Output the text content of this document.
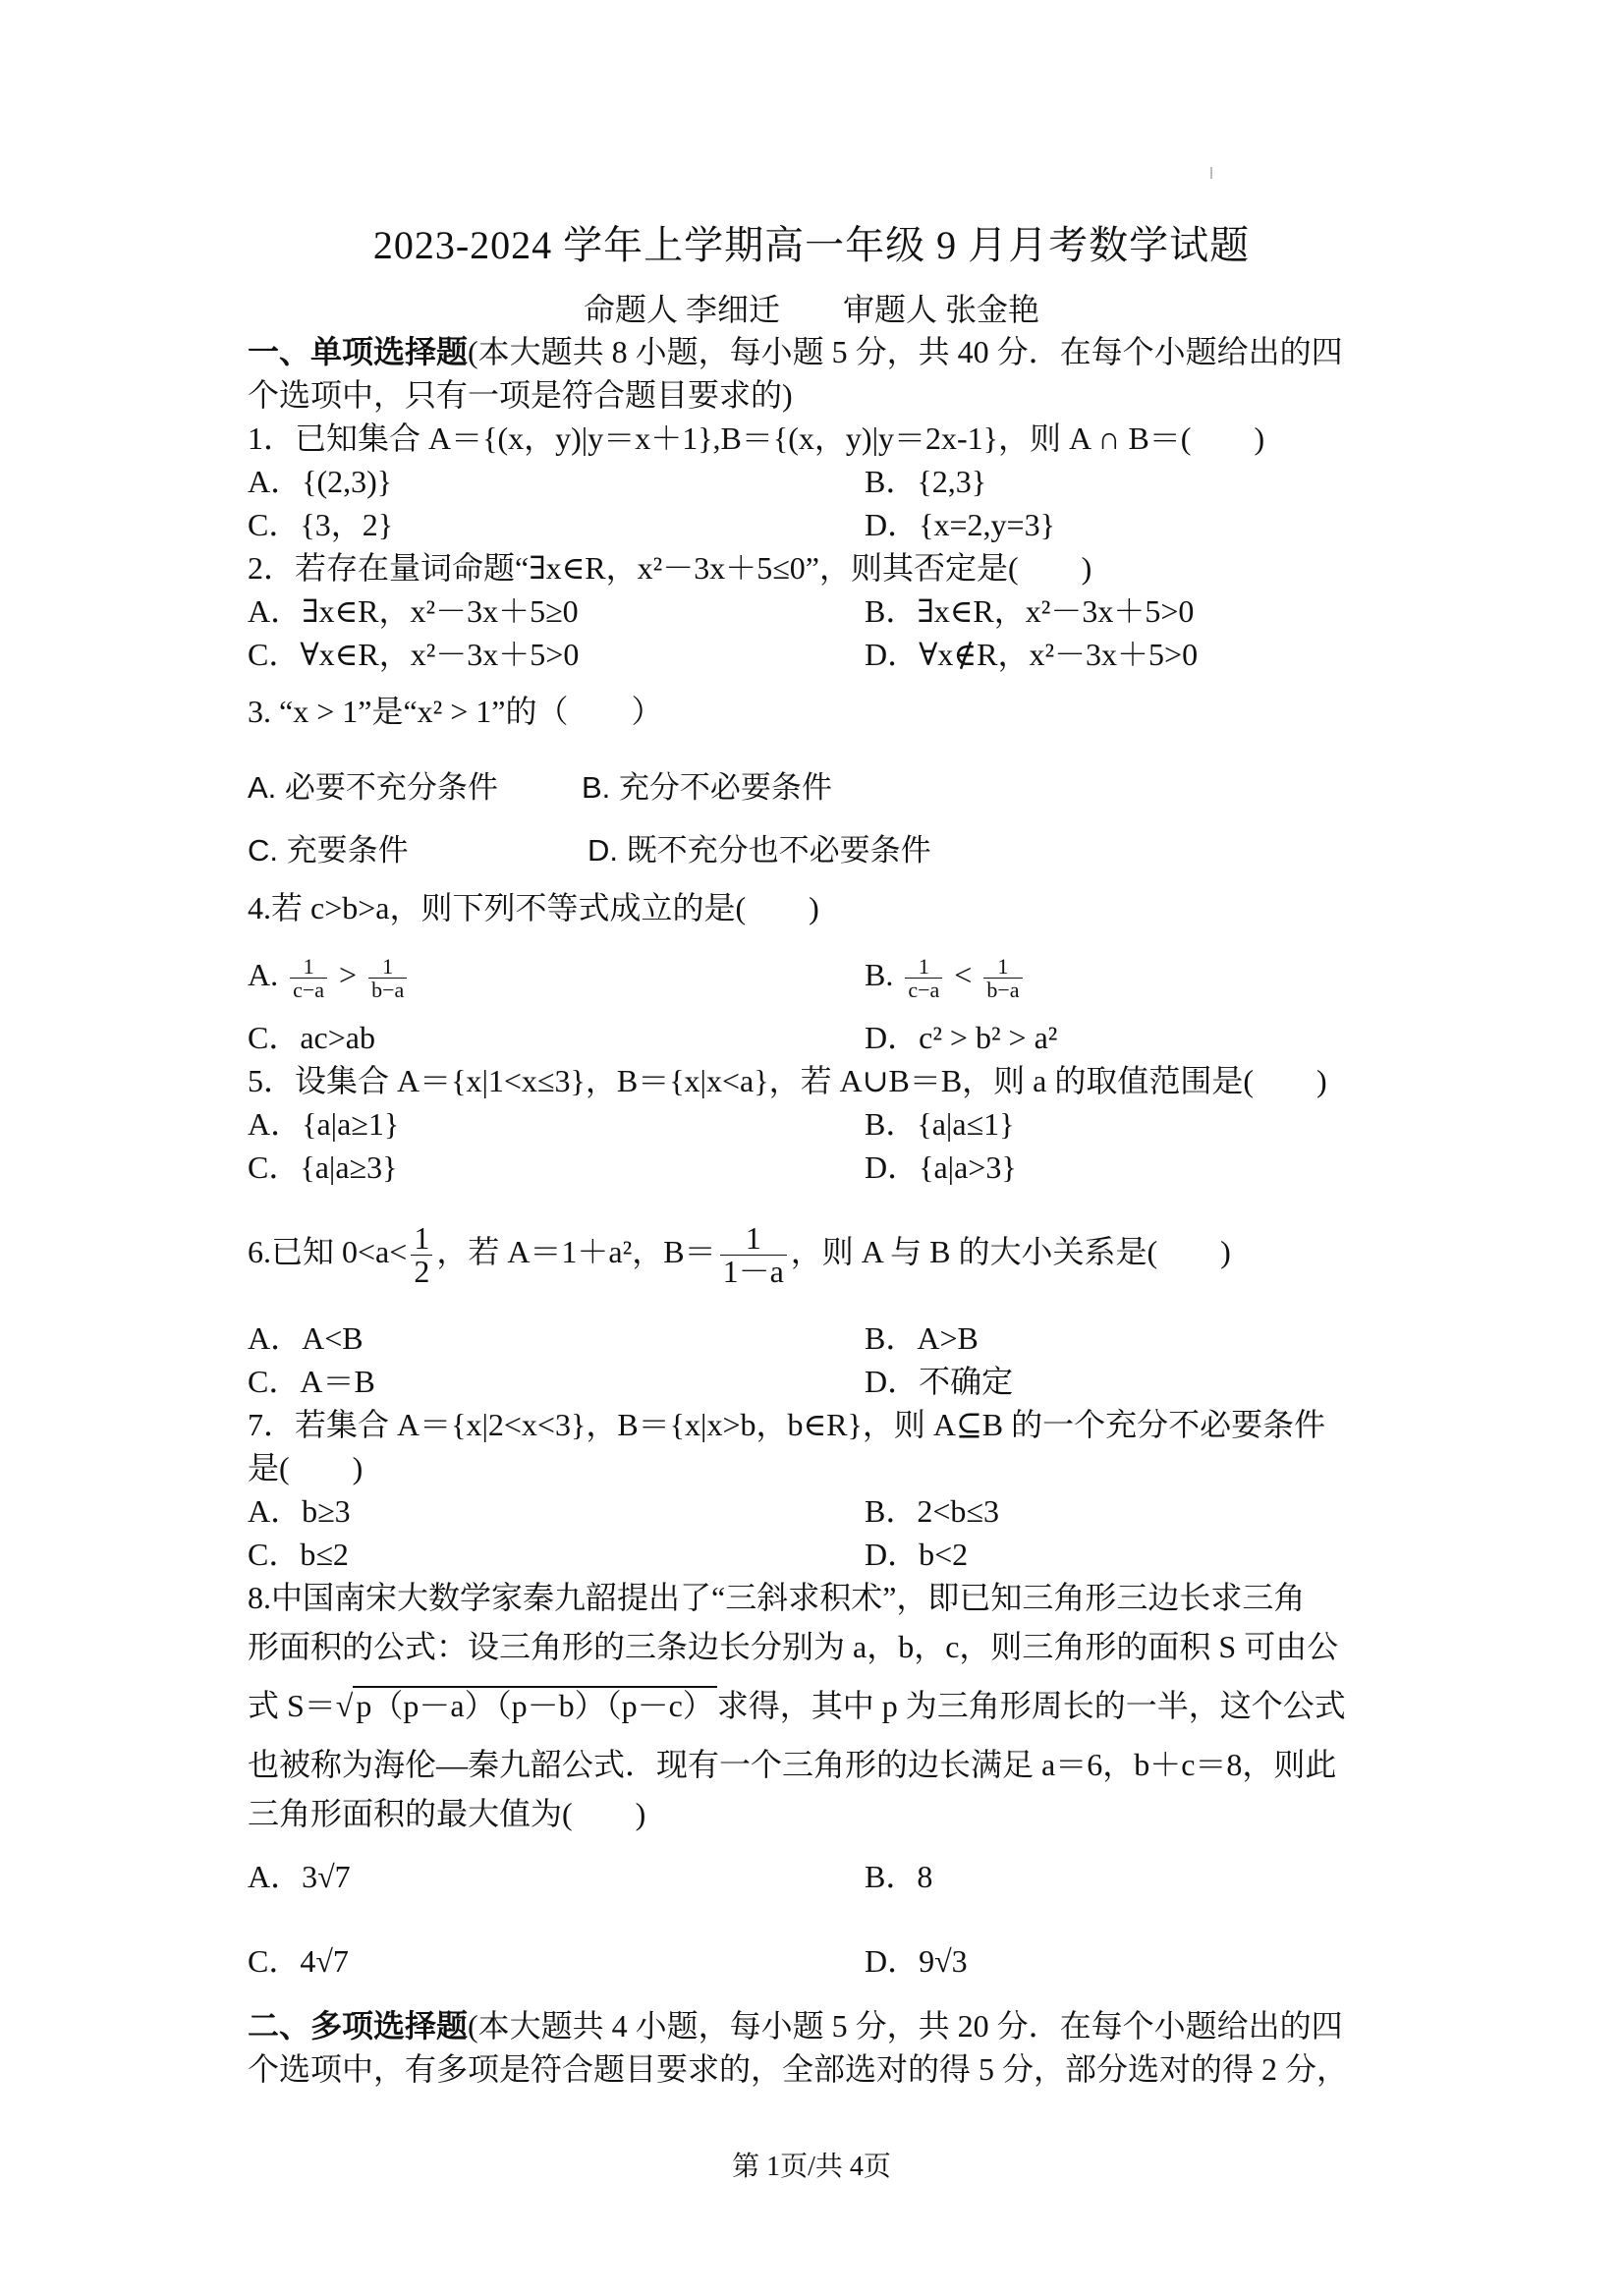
2023-2024 学年上学期高一年级 9 月月考数学试题
命题人 李细迁 审题人 张金艳
一、单项选择题(本大题共 8 小题，每小题 5 分，共 40 分．在每个小题给出的四
个选项中，只有一项是符合题目要求的)
1．已知集合 A＝{(x，y)|y＝x＋1},B＝{(x，y)|y＝2x-1}，则 A ∩ B＝(　　)
A．{(2,3)}	B．{2,3}
C．{3，2}	D．{x=2,y=3}
2．若存在量词命题“∃x∈R，x²－3x＋5≤0”，则其否定是(　　)
A．∃x∈R，x²－3x＋5≥0	B．∃x∈R，x²－3x＋5>0
C．∀x∈R，x²－3x＋5>0	D．∀x∉R，x²－3x＋5>0
3. “x > 1”是“x² > 1”的（　　）
A. 必要不充分条件	B. 充分不必要条件
C. 充要条件	D. 既不充分也不必要条件
4.若 c>b>a，则下列不等式成立的是(　　)
A. $\frac{1}{c-a} > \frac{1}{b-a}$	B. $\frac{1}{c-a} < \frac{1}{b-a}$
C．ac>ab	D．c² > b² > a²
5．设集合 A＝{x|1<x≤3}，B＝{x|x<a}，若 A∪B＝B，则 a 的取值范围是(　　)
A．{a|a≥1}	B．{a|a≤1}
C．{a|a≥3}	D．{a|a>3}
6.已知 $0<a< \frac{1}{2}$ ，若 A＝1＋a²，$B= \frac{1}{1-a}$ ，则 A 与 B 的大小关系是(　　)
A．A<B	B．A>B
C．A＝B	D．不确定
7．若集合 A＝{x|2<x<3}，B＝{x|x>b，b∈R}，则 A⊆B 的一个充分不必要条件
是(　　)
A．b≥3	B．2<b≤3
C．b≤2	D．b<2
8.中国南宋大数学家秦九韶提出了“三斜求积术”，即已知三角形三边长求三角
形面积的公式：设三角形的三条边长分别为 a，b，c，则三角形的面积 S 可由公
式 S＝√p（p－a）（p－b）（p－c）求得，其中 p 为三角形周长的一半，这个公式
也被称为海伦—秦九韶公式．现有一个三角形的边长满足 a＝6，b＋c＝8，则此
三角形面积的最大值为(　　)
A．3√7	B．8
C．4√7	D．9√3
二、多项选择题(本大题共 4 小题，每小题 5 分，共 20 分．在每个小题给出的四
个选项中，有多项是符合题目要求的，全部选对的得 5 分，部分选对的得 2 分，
第 1页/共 4页
